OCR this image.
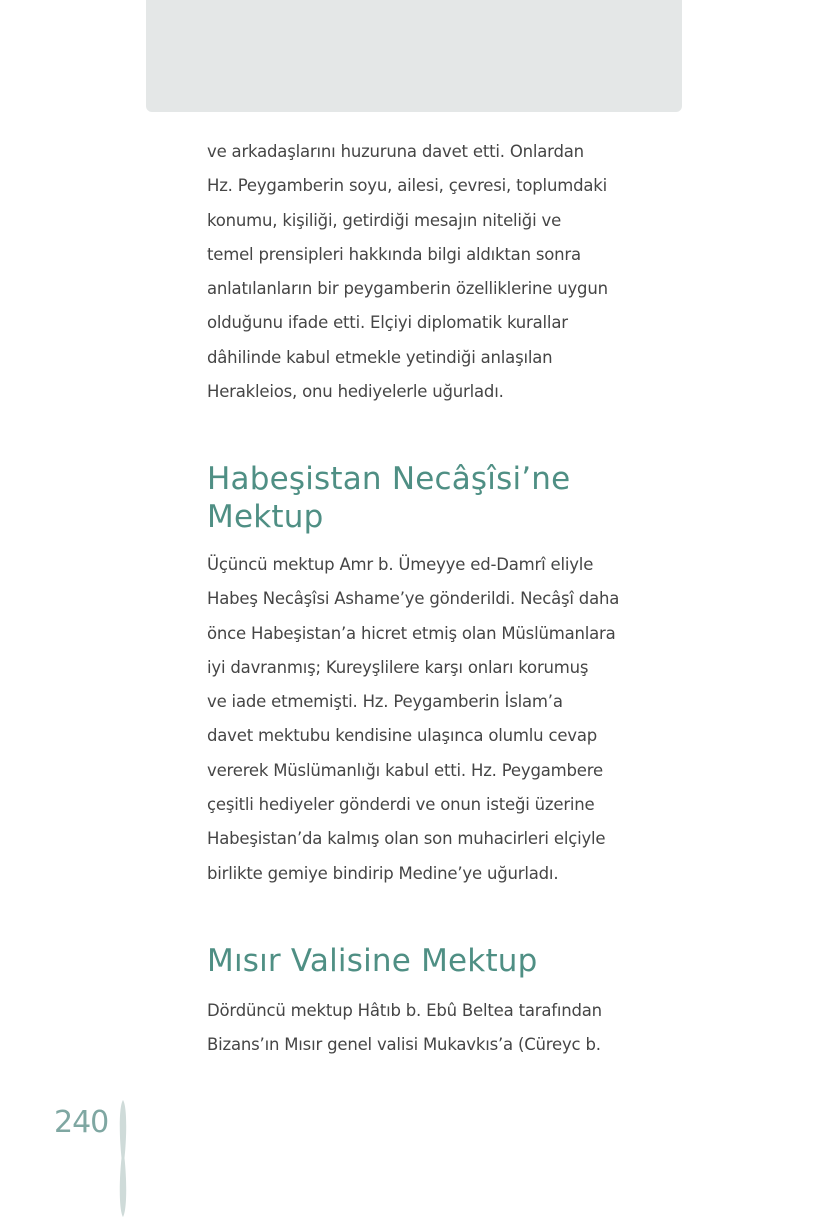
ve arkadaşlarını huzuruna davet etti. Onlardan
Hz. Peygamberin soyu, ailesi, çevresi, toplumdaki
konumu, kişiliği, getirdiği mesajın niteliği ve
temel prensipleri hakkında bilgi aldıktan sonra
anlatılanların bir peygamberin özelliklerine uygun
olduğunu ifade etti. Elçiyi diplomatik kurallar
dâhilinde kabul etmekle yetindiği anlaşılan
Herakleios, onu hediyelerle uğurladı.

Habeşistan Necâşîsi’ne
Mektup

Üçüncü mektup Amr b. Ümeyye ed-Damrî eliyle
Habeş Necâşîsi Ashame’ye gönderildi. Necâşî daha
önce Habeşistan’a hicret etmiş olan Müslümanlara
iyi davranmış; Kureyşlilere karşı onları korumuş
ve iade etmemişti. Hz. Peygamberin İslam’a
davet mektubu kendisine ulaşınca olumlu cevap
vererek Müslümanlığı kabul etti. Hz. Peygambere
çeşitli hediyeler gönderdi ve onun isteği üzerine
Habeşistan’da kalmış olan son muhacirleri elçiyle
birlikte gemiye bindirip Medine’ye uğurladı.

Mısır Valisine Mektup

Dördüncü mektup Hâtıb b. Ebû Beltea tarafından
Bizans’ın Mısır genel valisi Mukavkıs’a (Cüreyc b.

240
